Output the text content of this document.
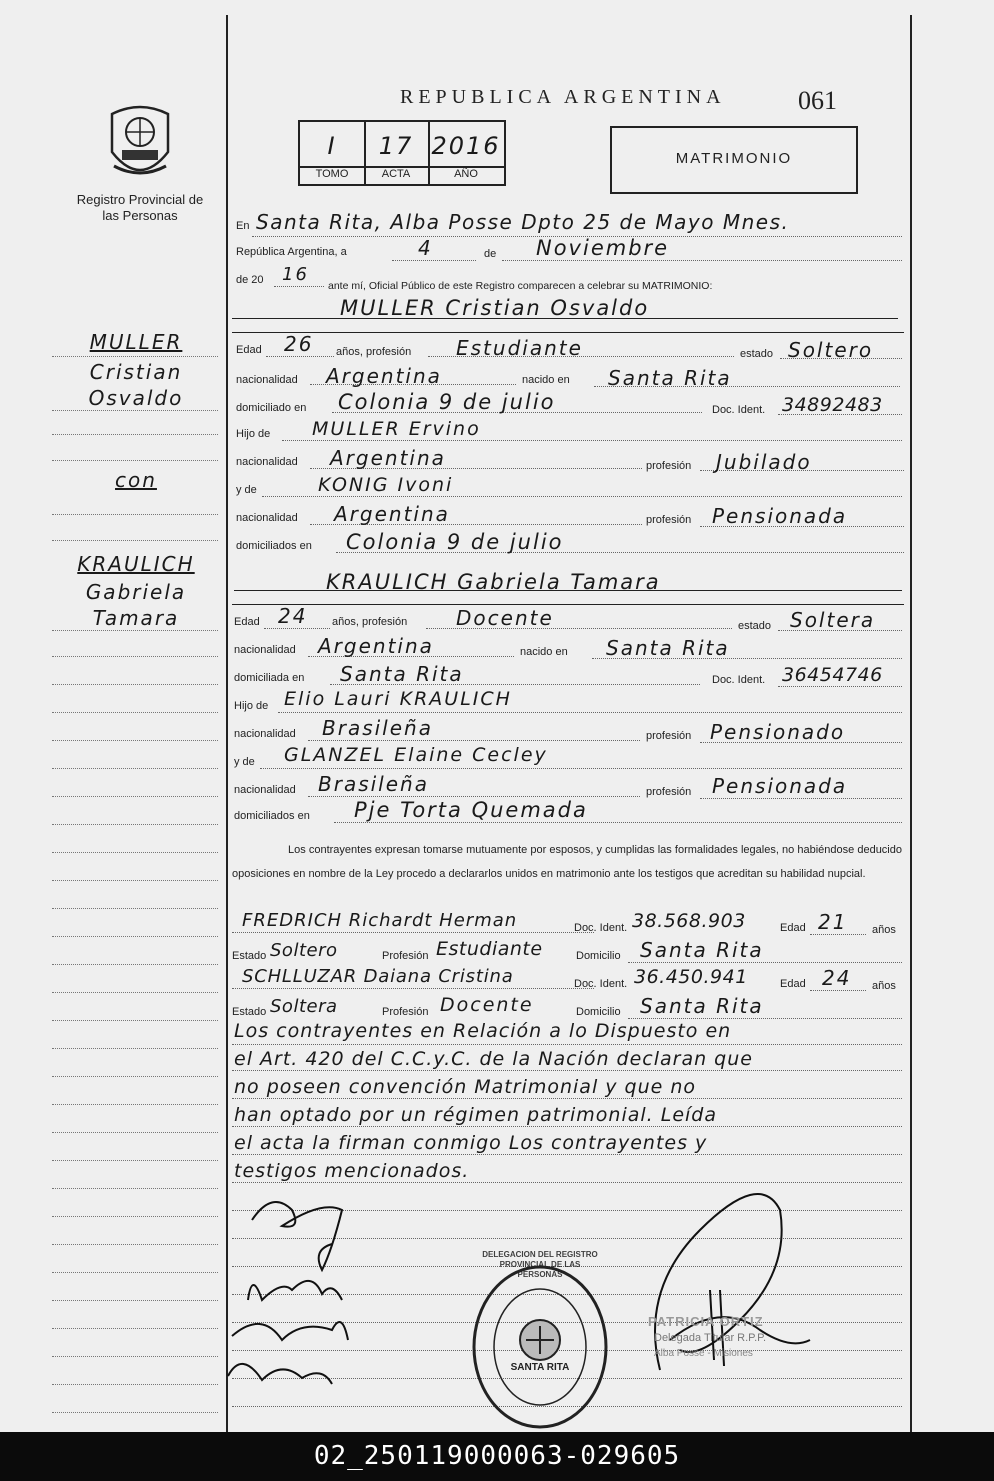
Registro Provincial de las Personas
REPUBLICA ARGENTINA	061
I	17 2016
TOMO	ACTA	AÑO
MATRIMONIO
MULLER
Cristian
Osvaldo
con
KRAULICH
Gabriela
Tamara
En Santa Rita, Alba Posse Dpto 25 de Mayo Mnes.
República Argentina, a	4	de Noviembre
de 20 16
ante mí, Oficial Público de este Registro comparecen a celebrar su MATRIMONIO:
MULLER Cristian Osvaldo
Edad 26 años, profesión Estudiante	estado Soltero
nacionalidad Argentina	nacido en Santa Rita
domiciliado en Colonia 9 de julio	Doc. Ident. 34892483
Hijo de MULLER Ervino
nacionalidad Argentina	profesión Jubilado
y de	KONIG Ivoni
nacionalidad Argentina	profesión Pensionada
domiciliados en Colonia 9 de julio
KRAULICH Gabriela Tamara
Edad 24 años, profesión Docente	estado Soltera
nacionalidad Argentina	nacido en Santa Rita
domiciliada en Santa Rita	Doc. Ident. 36454746
Hijo de Elio Lauri KRAULICH
nacionalidad Brasileña	profesión Pensionado
y de GLANZEL Elaine Cecley
nacionalidad Brasileña	profesión Pensionada
domiciliados en Pje Torta Quemada
Los contrayentes expresan tomarse mutuamente por esposos, y cumplidas las formalidades legales, no habiéndose deducido oposiciones en nombre de la Ley procedo a declararlos unidos en matrimonio ante los testigos que acreditan su habilidad nupcial.
FREDRICH Richardt Herman	Doc. Ident. 38.568.903	Edad 21 años
Estado Soltero	Profesión Estudiante	Domicilio Santa Rita
SCHLLUZAR Daiana Cristina	Doc. Ident. 36.450.941	Edad 24 años
Estado Soltera	Profesión Docente	Domicilio Santa Rita
Los contrayentes en Relación a lo Dispuesto en
el Art. 420 del C.C.y.C. de la Nación declaran que
no poseen convención Matrimonial y que no
han optado por un régimen patrimonial. Leída
el acta la firman conmigo Los contrayentes y
testigos mencionados.
DELEGACION DEL REGISTRO PROVINCIAL DE LAS PERSONAS
SANTA RITA
PATRICIA ORTIZ
Delegada Titular R.P.P.
Alba Posse - Misiones
02_250119000063-029605
